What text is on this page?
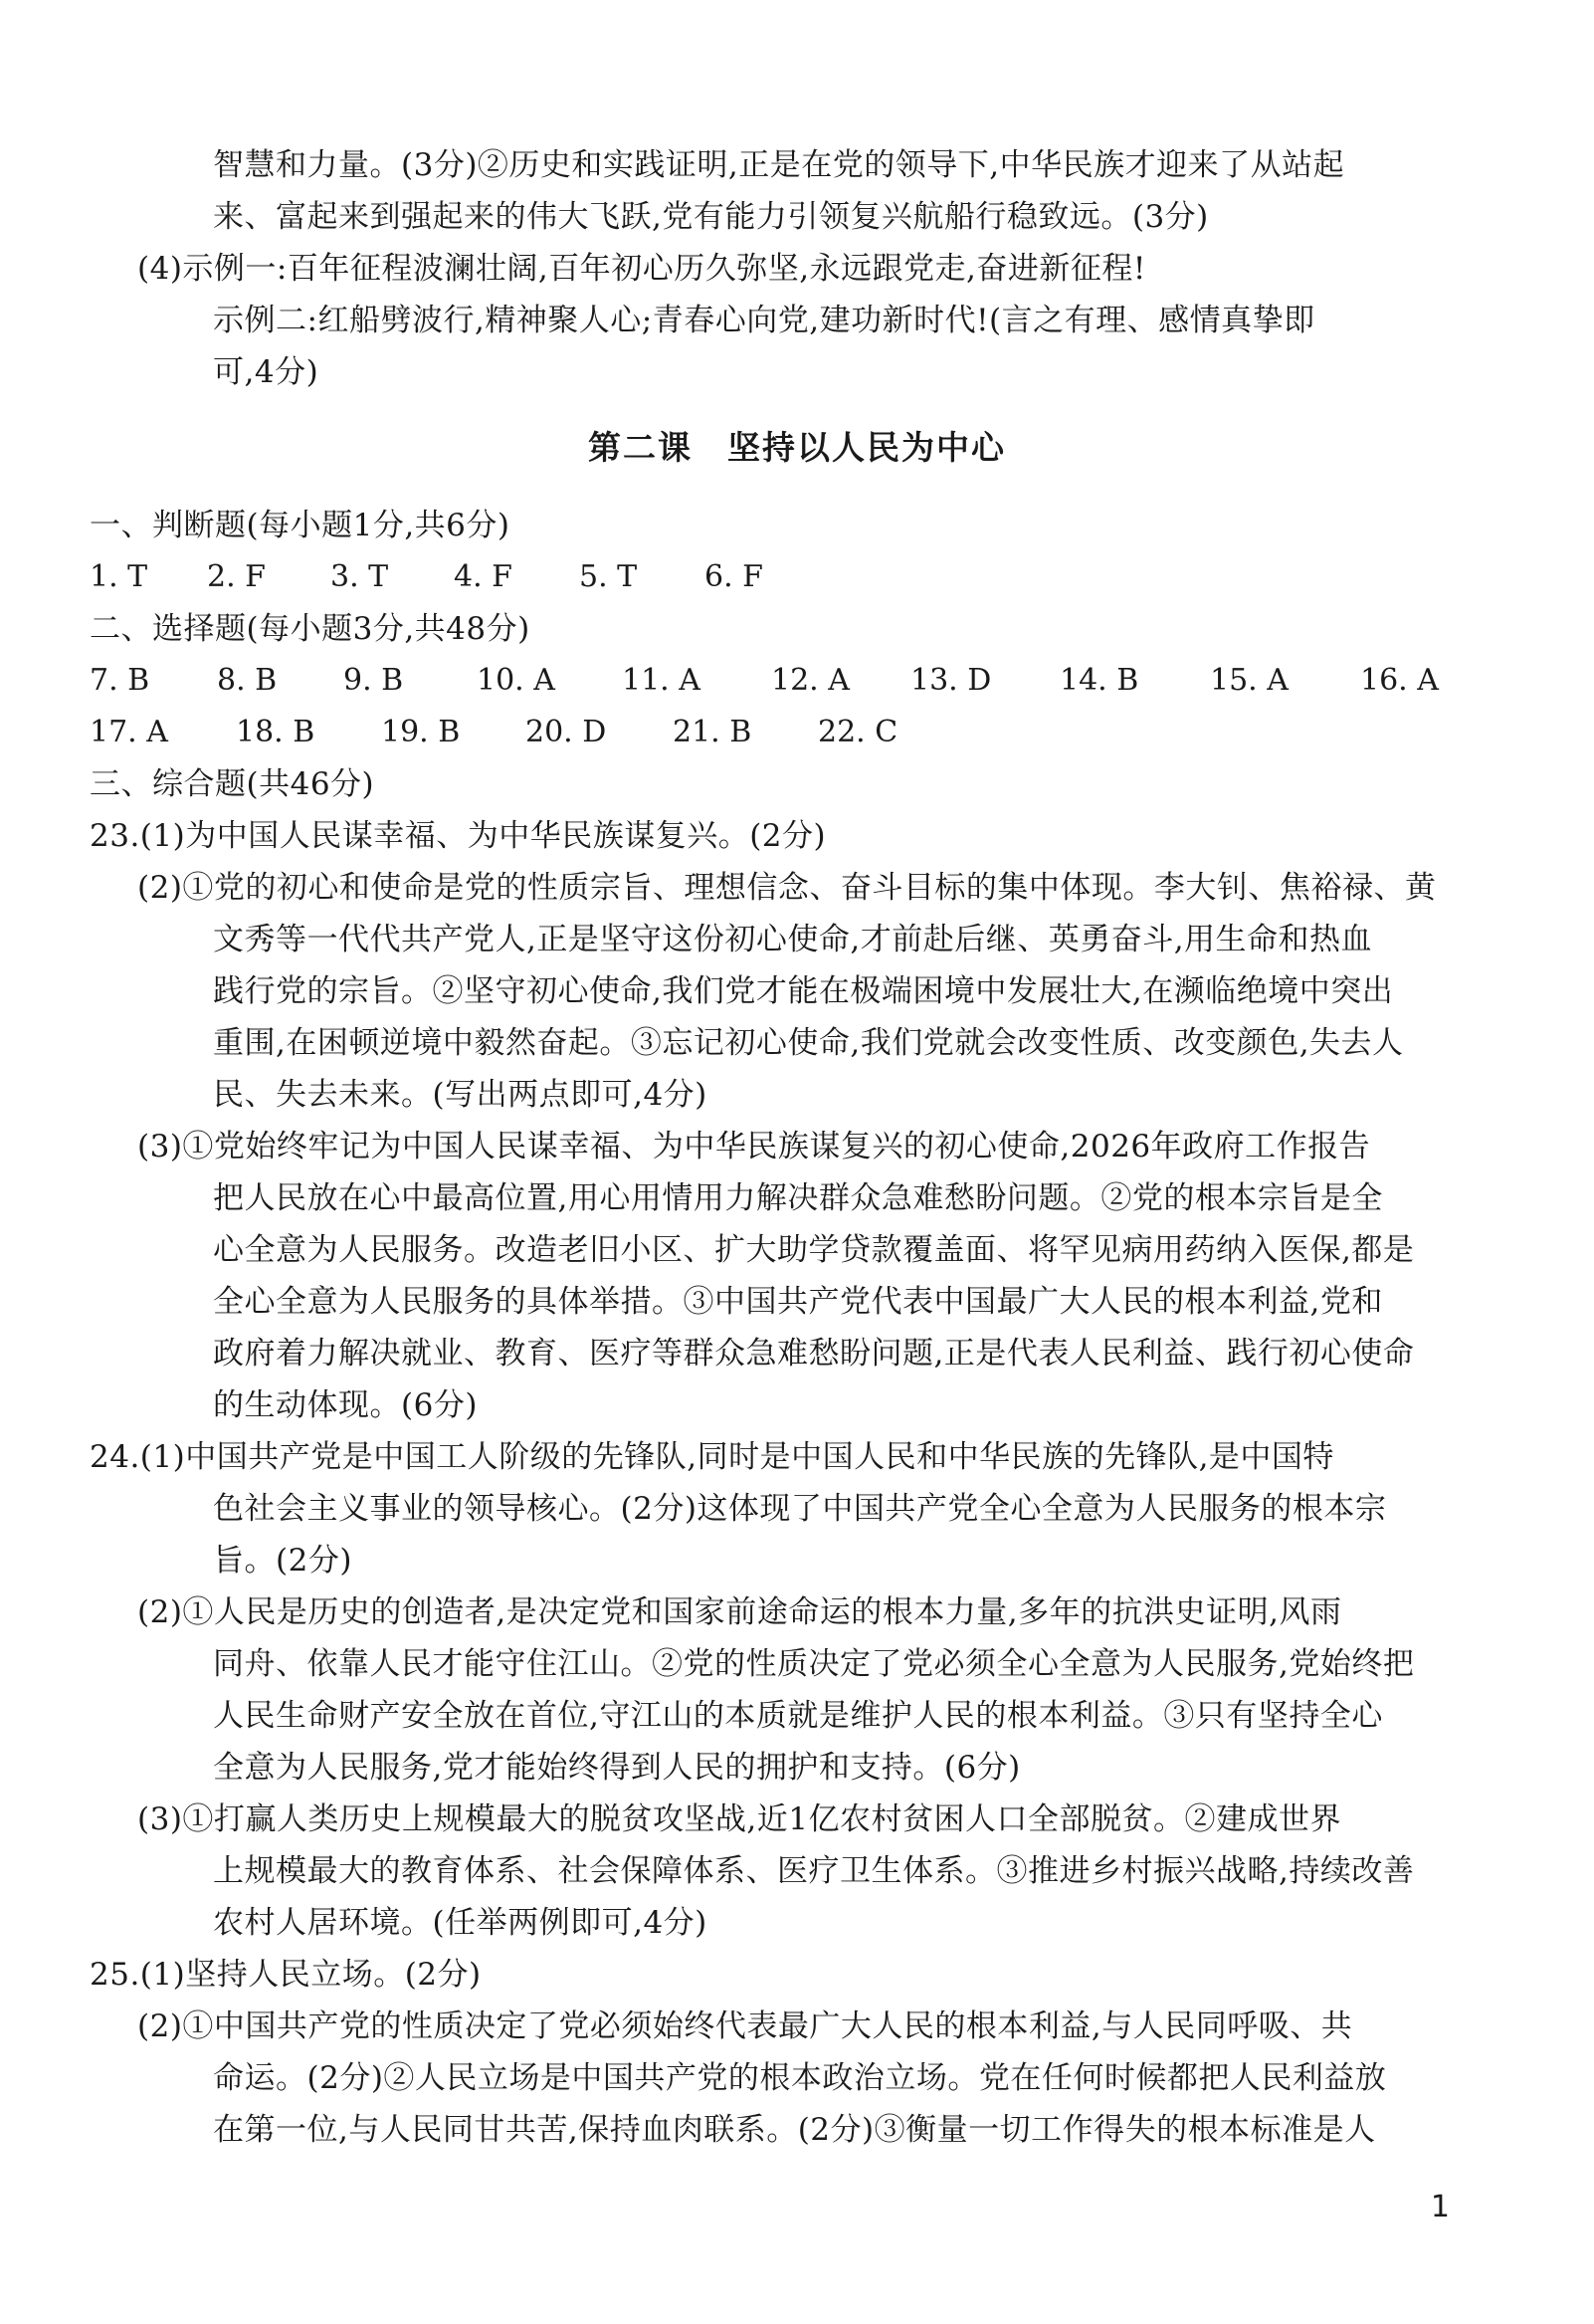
智慧和力量。(3分)②历史和实践证明,正是在党的领导下,中华民族才迎来了从站起
来、富起来到强起来的伟大飞跃,党有能力引领复兴航船行稳致远。(3分)
(4)示例一:百年征程波澜壮阔,百年初心历久弥坚,永远跟党走,奋进新征程!
示例二:红船劈波行,精神聚人心;青春心向党,建功新时代!(言之有理、感情真挚即
可,4分)
第二课　坚持以人民为中心
一、判断题(每小题1分,共6分)
1. T 2. F 3. T 4. F 5. T 6. F
二、选择题(每小题3分,共48分)
7. B 8. B 9. B 10. A 11. A 12. A 13. D 14. B 15. A 16. A
17. A 18. B 19. B 20. D 21. B 22. C
三、综合题(共46分)
23.(1)为中国人民谋幸福、为中华民族谋复兴。(2分)
(2)①党的初心和使命是党的性质宗旨、理想信念、奋斗目标的集中体现。李大钊、焦裕禄、黄
文秀等一代代共产党人,正是坚守这份初心使命,才前赴后继、英勇奋斗,用生命和热血
践行党的宗旨。②坚守初心使命,我们党才能在极端困境中发展壮大,在濒临绝境中突出
重围,在困顿逆境中毅然奋起。③忘记初心使命,我们党就会改变性质、改变颜色,失去人
民、失去未来。(写出两点即可,4分)
(3)①党始终牢记为中国人民谋幸福、为中华民族谋复兴的初心使命,2026年政府工作报告
把人民放在心中最高位置,用心用情用力解决群众急难愁盼问题。②党的根本宗旨是全
心全意为人民服务。改造老旧小区、扩大助学贷款覆盖面、将罕见病用药纳入医保,都是
全心全意为人民服务的具体举措。③中国共产党代表中国最广大人民的根本利益,党和
政府着力解决就业、教育、医疗等群众急难愁盼问题,正是代表人民利益、践行初心使命
的生动体现。(6分)
24.(1)中国共产党是中国工人阶级的先锋队,同时是中国人民和中华民族的先锋队,是中国特
色社会主义事业的领导核心。(2分)这体现了中国共产党全心全意为人民服务的根本宗
旨。(2分)
(2)①人民是历史的创造者,是决定党和国家前途命运的根本力量,多年的抗洪史证明,风雨
同舟、依靠人民才能守住江山。②党的性质决定了党必须全心全意为人民服务,党始终把
人民生命财产安全放在首位,守江山的本质就是维护人民的根本利益。③只有坚持全心
全意为人民服务,党才能始终得到人民的拥护和支持。(6分)
(3)①打赢人类历史上规模最大的脱贫攻坚战,近1亿农村贫困人口全部脱贫。②建成世界
上规模最大的教育体系、社会保障体系、医疗卫生体系。③推进乡村振兴战略,持续改善
农村人居环境。(任举两例即可,4分)
25.(1)坚持人民立场。(2分)
(2)①中国共产党的性质决定了党必须始终代表最广大人民的根本利益,与人民同呼吸、共
命运。(2分)②人民立场是中国共产党的根本政治立场。党在任何时候都把人民利益放
在第一位,与人民同甘共苦,保持血肉联系。(2分)③衡量一切工作得失的根本标准是人
1
